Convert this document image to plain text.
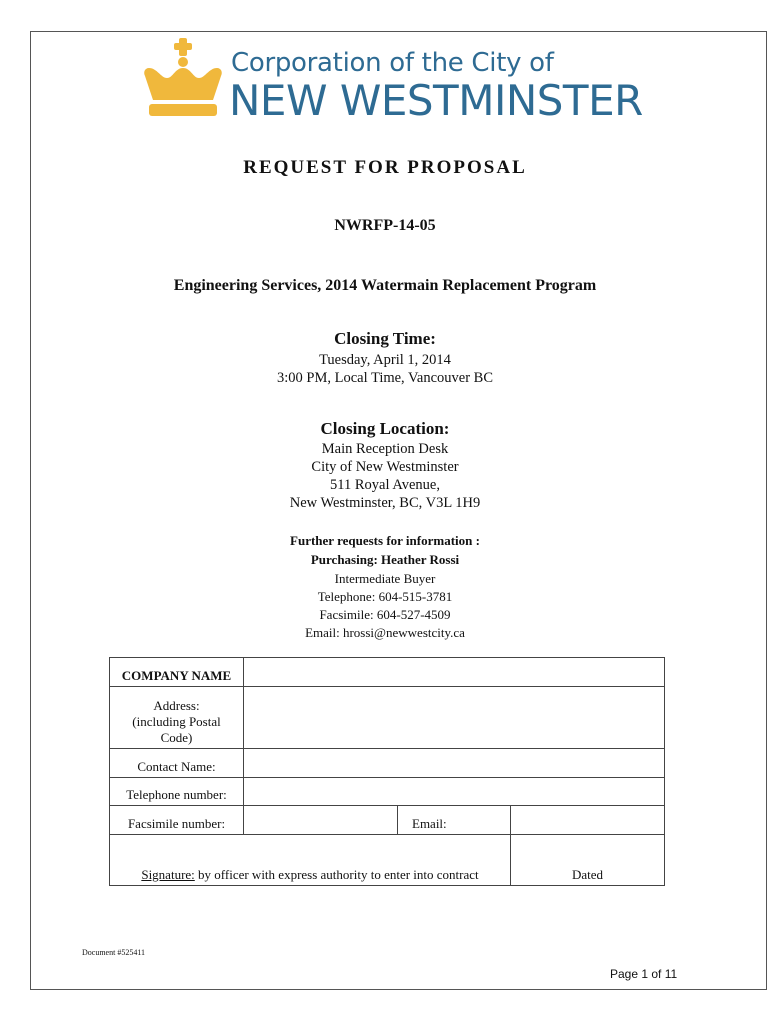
Corporation of the City of
NEW WESTMINSTER
REQUEST FOR PROPOSAL
NWRFP-14-05
Engineering Services, 2014 Watermain Replacement Program
Closing Time:
Tuesday, April 1, 2014
3:00 PM, Local Time, Vancouver BC
Closing Location:
Main Reception Desk
City of New Westminster
511 Royal Avenue,
New Westminster, BC, V3L 1H9
Further requests for information :
Purchasing: Heather Rossi
Intermediate Buyer
Telephone: 604-515-3781
Facsimile: 604-527-4509
Email: hrossi@newwestcity.ca
COMPANY NAME			

Address:
(including Postal
Code)			

Contact Name:			
Telephone number:			
Facsimile number:		Email:	
Signature: by officer with express authority to enter into contract			Dated
Document #525411
Page 1 of 11
